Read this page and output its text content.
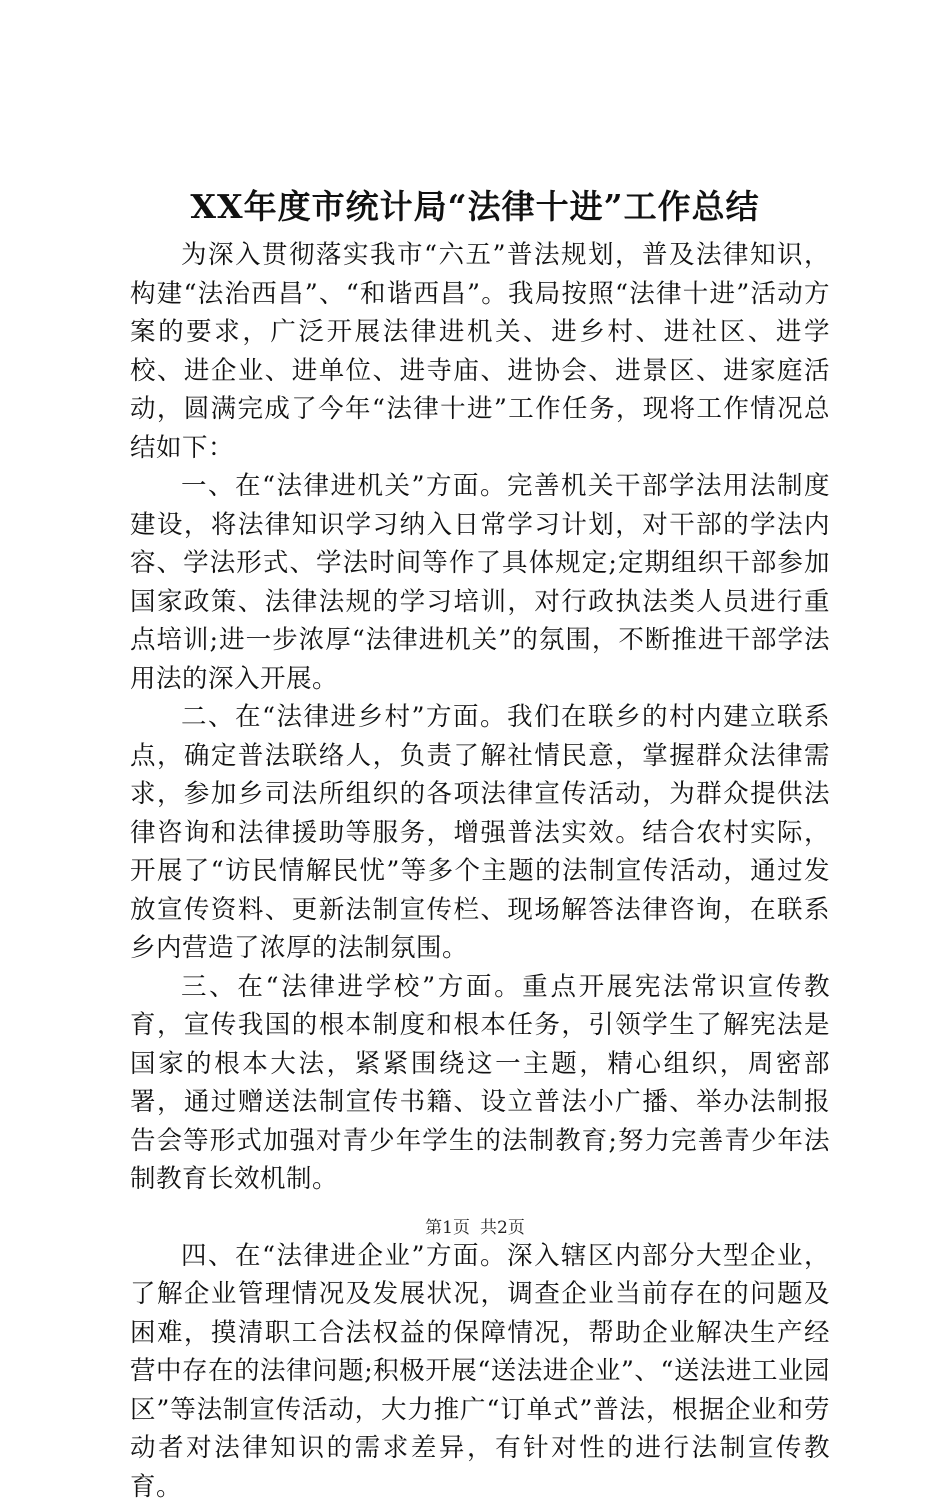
XX年度市统计局“法律十进”工作总结

为深入贯彻落实我市“六五”普法规划，普及法律知识，构建“法治西昌”、“和谐西昌”。我局按照“法律十进”活动方案的要求，广泛开展法律进机关、进乡村、进社区、进学校、进企业、进单位、进寺庙、进协会、进景区、进家庭活动，圆满完成了今年“法律十进”工作任务，现将工作情况总结如下：

一、在“法律进机关”方面。完善机关干部学法用法制度建设，将法律知识学习纳入日常学习计划，对干部的学法内容、学法形式、学法时间等作了具体规定;定期组织干部参加国家政策、法律法规的学习培训，对行政执法类人员进行重点培训;进一步浓厚“法律进机关”的氛围，不断推进干部学法用法的深入开展。

二、在“法律进乡村”方面。我们在联乡的村内建立联系点，确定普法联络人，负责了解社情民意，掌握群众法律需求，参加乡司法所组织的各项法律宣传活动，为群众提供法律咨询和法律援助等服务，增强普法实效。结合农村实际，开展了“访民情解民忧”等多个主题的法制宣传活动，通过发放宣传资料、更新法制宣传栏、现场解答法律咨询，在联系乡内营造了浓厚的法制氛围。

三、在“法律进学校”方面。重点开展宪法常识宣传教育，宣传我国的根本制度和根本任务，引领学生了解宪法是国家的根本大法，紧紧围绕这一主题，精心组织，周密部署，通过赠送法制宣传书籍、设立普法小广播、举办法制报告会等形式加强对青少年学生的法制教育;努力完善青少年法制教育长效机制。

四、在“法律进企业”方面。深入辖区内部分大型企业，了解企业管理情况及发展状况，调查企业当前存在的问题及困难，摸清职工合法权益的保障情况，帮助企业解决生产经营中存在的法律问题;积极开展“送法进企业”、“送法进工业园区”等法制宣传活动，大力推广“订单式”普法，根据企业和劳动者对法律知识的需求差异，有针对性的进行法制宣传教育。

第1页 共2页
